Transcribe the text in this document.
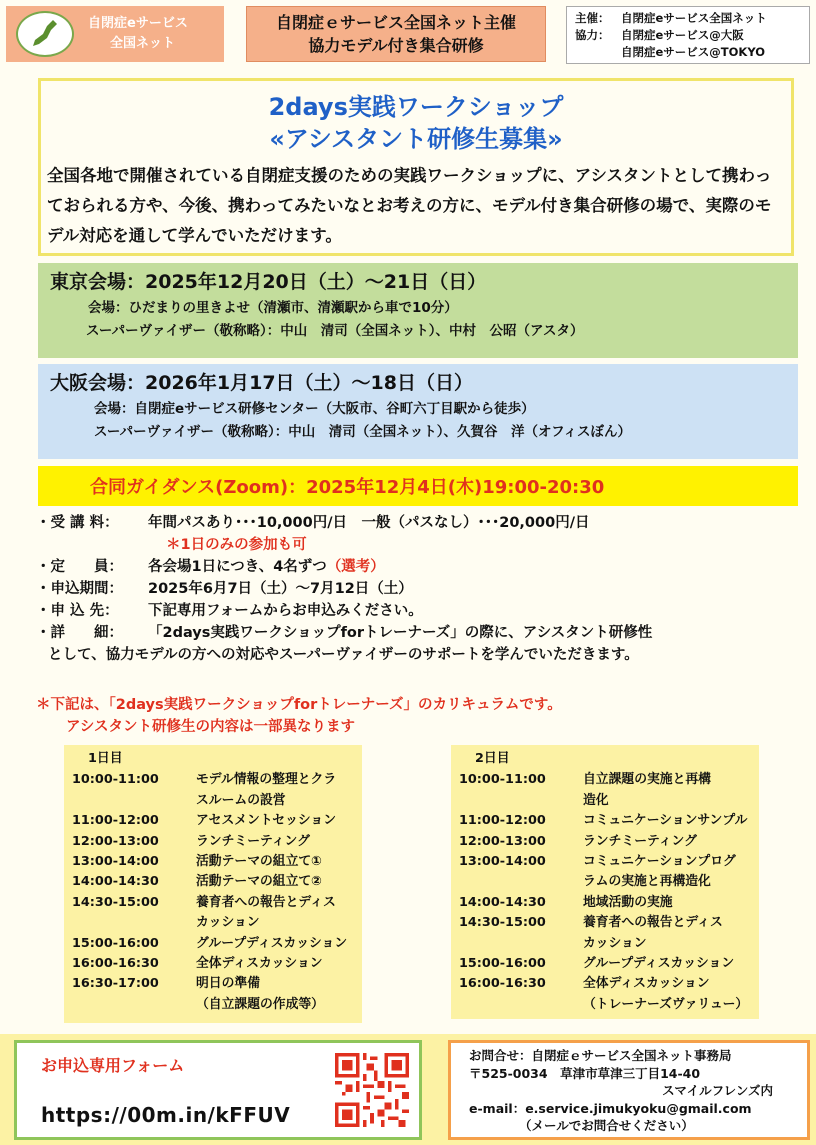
自閉症eサービス
全国ネット
自閉症ｅサービス全国ネット主催
協力モデル付き集合研修
主催：	自閉症eサービス全国ネット
協力：	自閉症eサービス@大阪
自閉症eサービス@TOKYO
2days実践ワークショップ
«アシスタント研修生募集»
全国各地で開催されている自閉症支援のための実践ワークショップに、アシスタントとして携わっておられる方や、今後、携わってみたいなとお考えの方に、モデル付き集合研修の場で、実際のモデル対応を通して学んでいただけます。
東京会場：2025年12月20日（土）～21日（日）
会場：ひだまりの里きよせ（清瀬市、清瀬駅から車で10分）
スーパーヴァイザー（敬称略）：中山　清司（全国ネット）、中村　公昭（アスタ）
大阪会場：2026年1月17日（土）～18日（日）
会場：自閉症eサービス研修センター（大阪市、谷町六丁目駅から徒歩）
スーパーヴァイザー（敬称略）：中山　清司（全国ネット）、久賀谷　洋（オフィスぼん）
合同ガイダンス(Zoom)：2025年12月4日(木)19:00-20:30
・受 講 料：	年間パスあり･･･10,000円/日　一般（パスなし）･･･20,000円/日
＊1日のみの参加も可
・定　　員：	各会場1日につき、4名ずつ （選考）
・申込期間：	2025年6月7日（土）～7月12日（土）
・申 込 先：	下記専用フォームからお申込みください。
・詳　　細：	「2days実践ワークショップforトレーナーズ」の際に、アシスタント研修性
として、協力モデルの方への対応やスーパーヴァイザーのサポートを学んでいただきます。
＊下記は、「2days実践ワークショップforトレーナーズ」のカリキュラムです。
アシスタント研修生の内容は一部異なります
1日目
10:00-11:00	モデル情報の整理とクラ
スルームの設営
11:00-12:00	アセスメントセッション
12:00-13:00	ランチミーティング
13:00-14:00	活動テーマの組立て①
14:00-14:30	活動テーマの組立て②
14:30-15:00	養育者への報告とディス
カッション
15:00-16:00	グループディスカッション
16:00-16:30	全体ディスカッション
16:30-17:00	明日の準備
（自立課題の作成等）
2日目
10:00-11:00	自立課題の実施と再構
造化
11:00-12:00	コミュニケーションサンプル
12:00-13:00	ランチミーティング
13:00-14:00	コミュニケーションプログ
ラムの実施と再構造化
14:00-14:30	地域活動の実施
14:30-15:00	養育者への報告とディス
カッション
15:00-16:00	グループディスカッション
16:00-16:30	全体ディスカッション
（トレーナーズヴァリュー）
お申込専用フォーム
https://00m.in/kFFUV
お問合せ：自閉症ｅサービス全国ネット事務局
〒525-0034　草津市草津三丁目14-40
スマイルフレンズ内
e-mail：e.service.jimukyoku@gmail.com
（メールでお問合せください）
